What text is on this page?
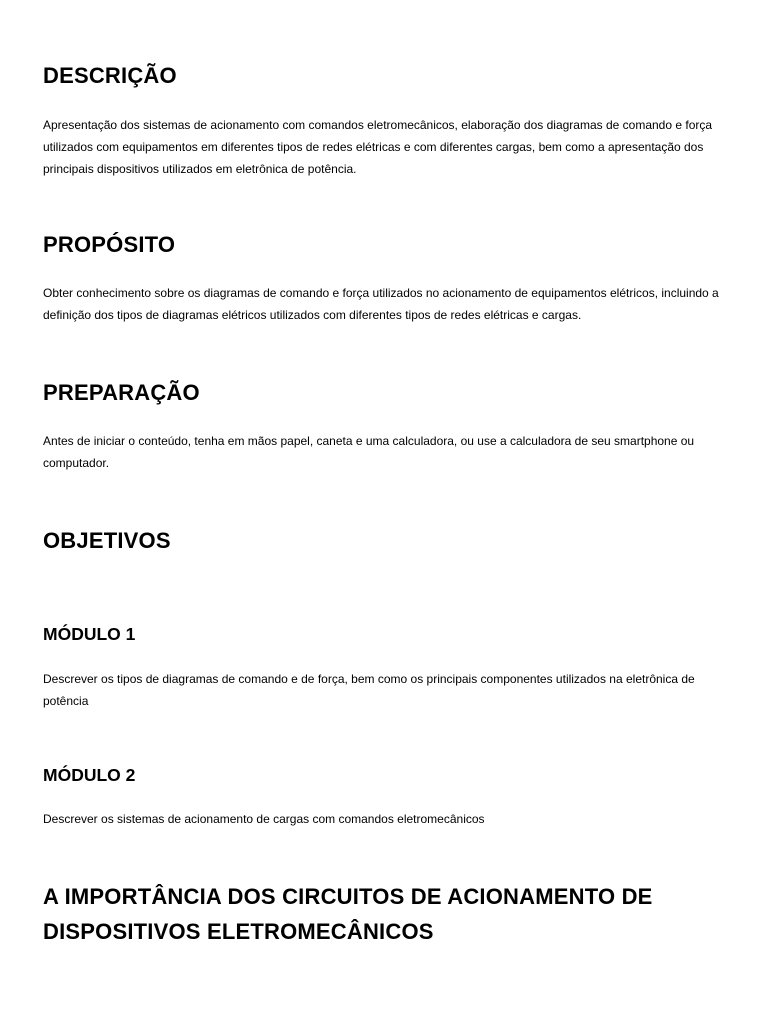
DESCRIÇÃO

Apresentação dos sistemas de acionamento com comandos eletromecânicos, elaboração dos diagramas de comando e força utilizados com equipamentos em diferentes tipos de redes elétricas e com diferentes cargas, bem como a apresentação dos principais dispositivos utilizados em eletrônica de potência.

PROPÓSITO

Obter conhecimento sobre os diagramas de comando e força utilizados no acionamento de equipamentos elétricos, incluindo a definição dos tipos de diagramas elétricos utilizados com diferentes tipos de redes elétricas e cargas.

PREPARAÇÃO

Antes de iniciar o conteúdo, tenha em mãos papel, caneta e uma calculadora, ou use a calculadora de seu smartphone ou computador.

OBJETIVOS
MÓDULO 1

Descrever os tipos de diagramas de comando e de força, bem como os principais componentes utilizados na eletrônica de potência

MÓDULO 2

Descrever os sistemas de acionamento de cargas com comandos eletromecânicos

A IMPORTÂNCIA DOS CIRCUITOS DE ACIONAMENTO DE DISPOSITIVOS ELETROMECÂNICOS
